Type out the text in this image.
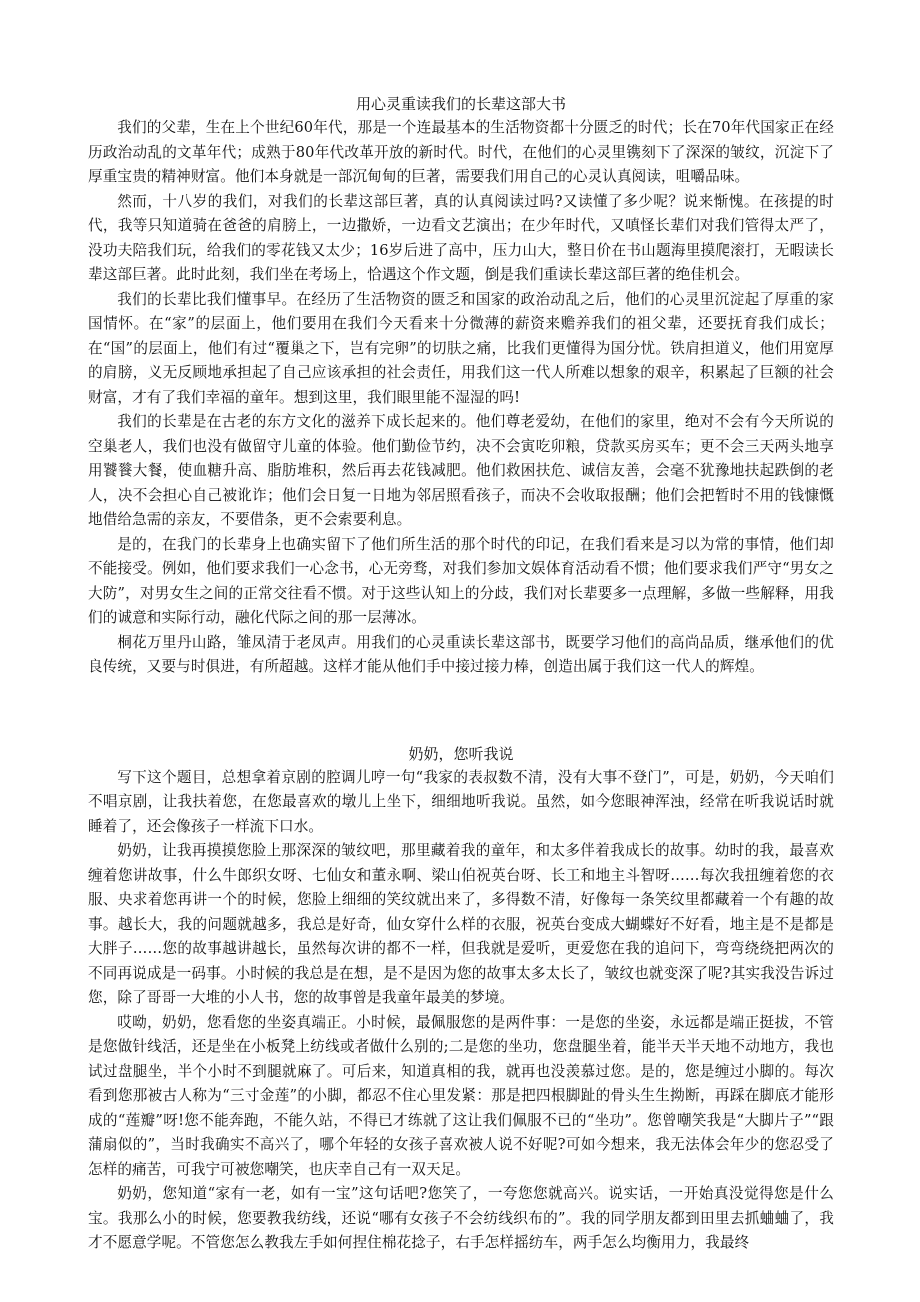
用心灵重读我们的长辈这部大书

我们的父辈，生在上个世纪60年代，那是一个连最基本的生活物资都十分匮乏的时代；长在70年代国家正在经历政治动乱的文革年代；成熟于80年代改革开放的新时代。时代，在他们的心灵里镌刻下了深深的皱纹，沉淀下了厚重宝贵的精神财富。他们本身就是一部沉甸甸的巨著，需要我们用自己的心灵认真阅读，咀嚼品味。

然而，十八岁的我们，对我们的长辈这部巨著，真的认真阅读过吗?又读懂了多少呢？说来惭愧。在孩提的时代，我等只知道骑在爸爸的肩膀上，一边撒娇，一边看文艺演出；在少年时代，又嗔怪长辈们对我们管得太严了，没功夫陪我们玩，给我们的零花钱又太少；16岁后进了高中，压力山大，整日价在书山题海里摸爬滚打，无暇读长辈这部巨著。此时此刻，我们坐在考场上，恰遇这个作文题，倒是我们重读长辈这部巨著的绝佳机会。

我们的长辈比我们懂事早。在经历了生活物资的匮乏和国家的政治动乱之后，他们的心灵里沉淀起了厚重的家国情怀。在“家”的层面上，他们要用在我们今天看来十分微薄的薪资来赡养我们的祖父辈，还要抚育我们成长；在“国”的层面上，他们有过“覆巢之下，岂有完卵”的切肤之痛，比我们更懂得为国分忧。铁肩担道义，他们用宽厚的肩膀，义无反顾地承担起了自己应该承担的社会责任，用我们这一代人所难以想象的艰辛，积累起了巨额的社会财富，才有了我们幸福的童年。想到这里，我们眼里能不湿湿的吗!

我们的长辈是在古老的东方文化的滋养下成长起来的。他们尊老爱幼，在他们的家里，绝对不会有今天所说的空巢老人，我们也没有做留守儿童的体验。他们勤俭节约，决不会寅吃卯粮，贷款买房买车；更不会三天两头地享用饕餮大餐，使血糖升高、脂肪堆积，然后再去花钱减肥。他们救困扶危、诚信友善，会毫不犹豫地扶起跌倒的老人，决不会担心自己被讹诈；他们会日复一日地为邻居照看孩子，而决不会收取报酬；他们会把暂时不用的钱慷慨地借给急需的亲友，不要借条，更不会索要利息。

是的，在我门的长辈身上也确实留下了他们所生活的那个时代的印记，在我们看来是习以为常的事情，他们却不能接受。例如，他们要求我们一心念书，心无旁骛，对我们参加文娱体育活动看不惯；他们要求我们严守“男女之大防”，对男女生之间的正常交往看不惯。对于这些认知上的分歧，我们对长辈要多一点理解，多做一些解释，用我们的诚意和实际行动，融化代际之间的那一层薄冰。

桐花万里丹山路，雏凤清于老凤声。用我们的心灵重读长辈这部书，既要学习他们的高尚品质，继承他们的优良传统，又要与时俱进，有所超越。这样才能从他们手中接过接力棒，创造出属于我们这一代人的辉煌。

奶奶，您听我说

写下这个题目，总想拿着京剧的腔调儿哼一句“我家的表叔数不清，没有大事不登门”，可是，奶奶，今天咱们不唱京剧，让我扶着您，在您最喜欢的墩儿上坐下，细细地听我说。虽然，如今您眼神浑浊，经常在听我说话时就睡着了，还会像孩子一样流下口水。

奶奶，让我再摸摸您脸上那深深的皱纹吧，那里藏着我的童年，和太多伴着我成长的故事。幼时的我，最喜欢缠着您讲故事，什么牛郎织女呀、七仙女和董永啊、梁山伯祝英台呀、长工和地主斗智呀……每次我扭缠着您的衣服、央求着您再讲一个的时候，您脸上细细的笑纹就出来了，多得数不清，好像每一条笑纹里都藏着一个有趣的故事。越长大，我的问题就越多，我总是好奇，仙女穿什么样的衣服，祝英台变成大蝴蝶好不好看，地主是不是都是大胖子……您的故事越讲越长，虽然每次讲的都不一样，但我就是爱听，更爱您在我的追问下，弯弯绕绕把两次的不同再说成是一码事。小时候的我总是在想，是不是因为您的故事太多太长了，皱纹也就变深了呢?其实我没告诉过您，除了哥哥一大堆的小人书，您的故事曾是我童年最美的梦境。

哎呦，奶奶，您看您的坐姿真端正。小时候，最佩服您的是两件事：一是您的坐姿，永远都是端正挺拔，不管是您做针线活，还是坐在小板凳上纺线或者做什么别的;二是您的坐功，您盘腿坐着，能半天半天地不动地方，我也试过盘腿坐，半个小时不到腿就麻了。可后来，知道真相的我，就再也没羡慕过您。是的，您是缠过小脚的。每次看到您那被古人称为“三寸金莲”的小脚，都忍不住心里发紧：那是把四根脚趾的骨头生生拗断，再踩在脚底才能形成的“莲瓣”呀!您不能奔跑，不能久站，不得已才练就了这让我们佩服不已的“坐功”。您曾嘲笑我是“大脚片子”“跟蒲扇似的”，当时我确实不高兴了，哪个年轻的女孩子喜欢被人说不好呢?可如今想来，我无法体会年少的您忍受了怎样的痛苦，可我宁可被您嘲笑，也庆幸自己有一双天足。

奶奶，您知道“家有一老，如有一宝”这句话吧?您笑了，一夸您您就高兴。说实话，一开始真没觉得您是什么宝。我那么小的时候，您要教我纺线，还说“哪有女孩子不会纺线织布的”。我的同学朋友都到田里去抓蛐蛐了，我才不愿意学呢。不管您怎么教我左手如何捏住棉花捻子，右手怎样摇纺车，两手怎么均衡用力，我最终
